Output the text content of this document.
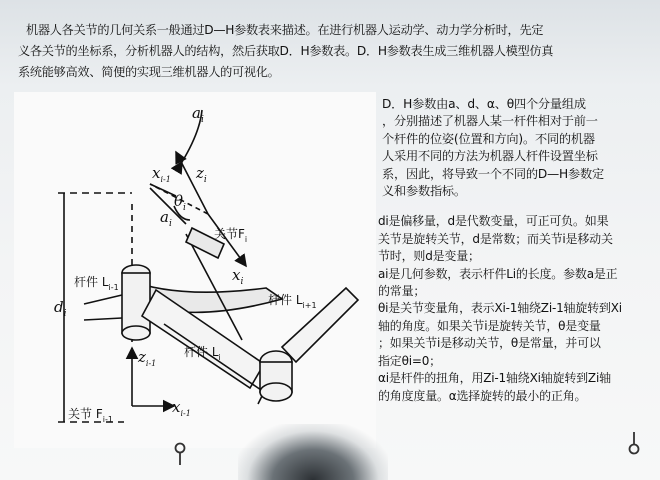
机器人各关节的几何关系一般通过D—H参数表来描述。在进行机器人运动学、动力学分析时，先定
义各关节的坐标系，分析机器人的结构，然后获取D．H参数表。D．H参数表生成三维机器人模型仿真
系统能够高效、简便的实现三维机器人的可视化。
$a_i$
$x_{i-1}$ $z_i$
$\theta_i$
$a_i$
$x_i$
$d_i$
$z_{i-1}$
$x_{i-1}$
关节$F_i$
杆件 $L_{i-1}$
杆件 $L_{i+1}$
杆件 $L_i$
关节 $F_{i-1}$

D．H参数由a、d、α、θ四个分量组成

，分别描述了机器人某一杆件相对于前一

个杆件的位姿(位置和方向)。不同的机器

人采用不同的方法为机器人杆件设置坐标

系，因此，将导致一个不同的D—H参数定

义和参数指标。

di是偏移量，d是代数变量，可正可负。如果

关节是旋转关节，d是常数；而关节i是移动关

节时，则d是变量；

ai是几何参数，表示杆件Li的长度。参数a是正

的常量；

θi是关节变量角，表示Xi-1轴绕Zi-1轴旋转到Xi

轴的角度。如果关节i是旋转关节，θ是变量

；如果关节i是移动关节，θ是常量，并可以

指定θi=0；

αi是杆件的扭角，用Zi-1轴绕Xi轴旋转到Zi轴

的角度度量。α选择旋转的最小的正角。
